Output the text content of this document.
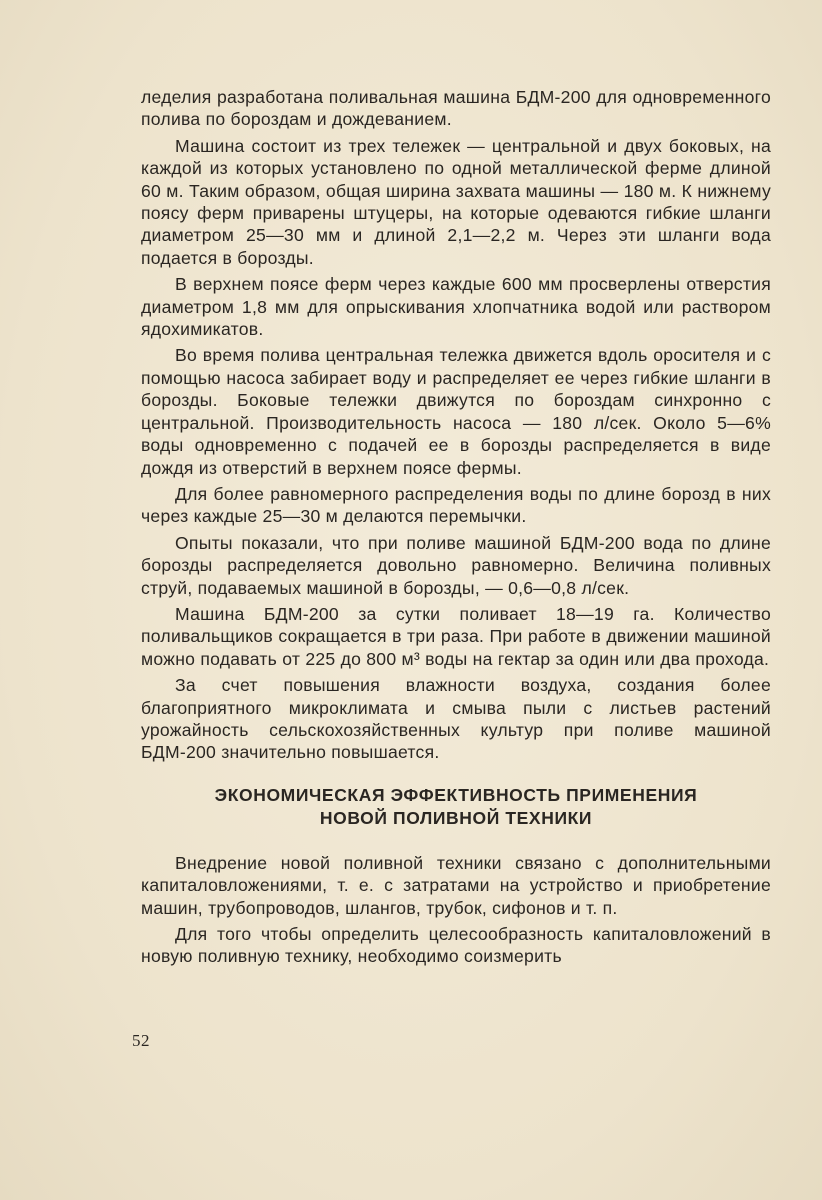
леделия разработана поливальная машина БДМ-200 для одновременного полива по бороздам и дождеванием.

Машина состоит из трех тележек — центральной и двух боковых, на каждой из которых установлено по одной металлической ферме длиной 60 м. Таким образом, общая ширина захвата машины — 180 м. К нижнему поясу ферм приварены штуцеры, на которые одеваются гибкие шланги диаметром 25—30 мм и длиной 2,1—2,2 м. Через эти шланги вода подается в борозды.

В верхнем поясе ферм через каждые 600 мм просверлены отверстия диаметром 1,8 мм для опрыскивания хлопчатника водой или раствором ядохимикатов.

Во время полива центральная тележка движется вдоль оросителя и с помощью насоса забирает воду и распределяет ее через гибкие шланги в борозды. Боковые тележки движутся по бороздам синхронно с центральной. Производительность насоса — 180 л/сек. Около 5—6% воды одновременно с подачей ее в борозды распределяется в виде дождя из отверстий в верхнем поясе фермы.

Для более равномерного распределения воды по длине борозд в них через каждые 25—30 м делаются перемычки.

Опыты показали, что при поливе машиной БДМ-200 вода по длине борозды распределяется довольно равномерно. Величина поливных струй, подаваемых машиной в борозды, — 0,6—0,8 л/сек.

Машина БДМ-200 за сутки поливает 18—19 га. Количество поливальщиков сокращается в три раза. При работе в движении машиной можно подавать от 225 до 800 м³ воды на гектар за один или два прохода.

За счет повышения влажности воздуха, создания более благоприятного микроклимата и смыва пыли с листьев растений урожайность сельскохозяйственных культур при поливе машиной БДМ-200 значительно повышается.

ЭКОНОМИЧЕСКАЯ ЭФФЕКТИВНОСТЬ ПРИМЕНЕНИЯ
НОВОЙ ПОЛИВНОЙ ТЕХНИКИ

Внедрение новой поливной техники связано с дополнительными капиталовложениями, т. е. с затратами на устройство и приобретение машин, трубопроводов, шлангов, трубок, сифонов и т. п.

Для того чтобы определить целесообразность капиталовложений в новую поливную технику, необходимо соизмерить

52
